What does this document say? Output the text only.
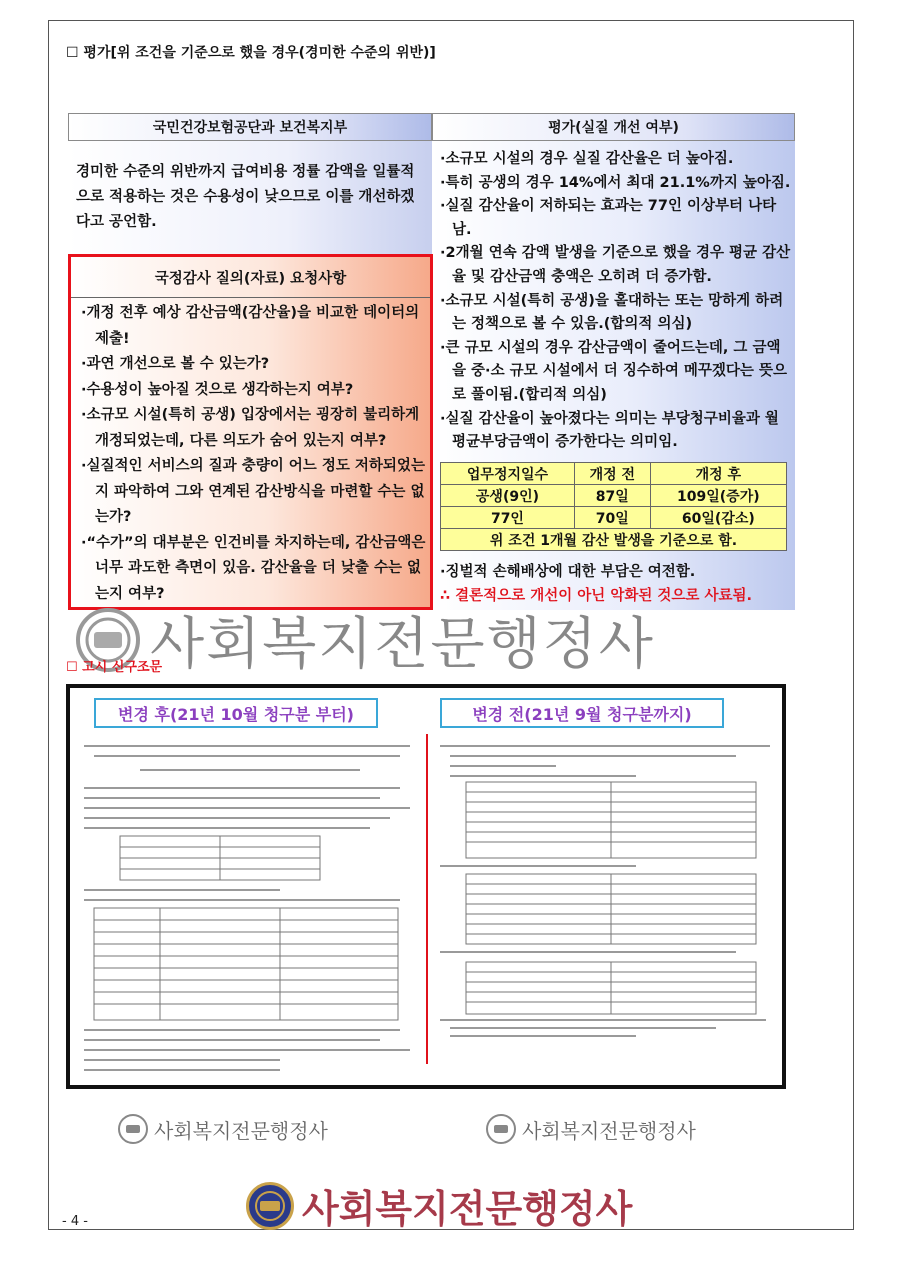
☐ 평가[위 조건을 기준으로 했을 경우(경미한 수준의 위반)]
국민건강보험공단과 보건복지부	평가(실질 개선 여부)
경미한 수준의 위반까지 급여비용 정률 감액을 일률적으로 적용하는 것은 수용성이 낮으므로 이를 개선하겠다고 공언함.
국정감사 질의(자료) 요청사항
·개정 전후 예상 감산금액(감산율)을 비교한 데이터의 제출!
·과연 개선으로 볼 수 있는가?
·수용성이 높아질 것으로 생각하는지 여부?
·소규모 시설(특히 공생) 입장에서는 굉장히 불리하게 개정되었는데, 다른 의도가 숨어 있는지 여부?
·실질적인 서비스의 질과 충량이 어느 정도 저하되었는지 파악하여 그와 연계된 감산방식을 마련할 수는 없는가?
·“수가”의 대부분은 인건비를 차지하는데, 감산금액은 너무 과도한 측면이 있음. 감산율을 더 낮출 수는 없는지 여부?
·소규모 시설의 경우 실질 감산율은 더 높아짐.
·특히 공생의 경우 14%에서 최대 21.1%까지 높아짐.
·실질 감산율이 저하되는 효과는 77인 이상부터 나타남.
·2개월 연속 감액 발생을 기준으로 했을 경우 평균 감산율 및 감산금액 충액은 오히려 더 증가함.
·소규모 시설(특히 공생)을 홀대하는 또는 망하게 하려는 정책으로 볼 수 있음.(합의적 의심)
·큰 규모 시설의 경우 감산금액이 줄어드는데, 그 금액을 중·소 규모 시설에서 더 징수하여 메꾸겠다는 뜻으로 풀이됨.(합리적 의심)
·실질 감산율이 높아졌다는 의미는 부당청구비율과 월평균부당금액이 증가한다는 의미임.
업무정지일수	개정 전	개정 후
공생(9인)	87일	109일(증가)
77인	70일	60일(감소)
위 조건 1개월 감산 발생을 기준으로 함.		
·징벌적 손해배상에 대한 부담은 여전함.
∴ 결론적으로 개선이 아닌 악화된 것으로 사료됨.
사회복지전문행정사
☐ 고시 신구조문
변경 후(21년 10월 청구분 부터)	변경 전(21년 9월 청구분까지)
사회복지전문행정사	사회복지전문행정사
사회복지전문행정사
- 4 -
